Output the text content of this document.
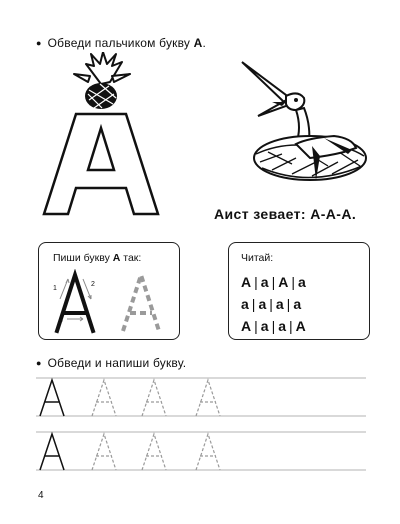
● Обведи пальчиком букву А.
Аист зевает: А-А-А.
Пиши букву А так:
1
2
3
Читай:
А | а | А | а
а | а | а | а
А | а | а | А
● Обведи и напиши букву.
4
